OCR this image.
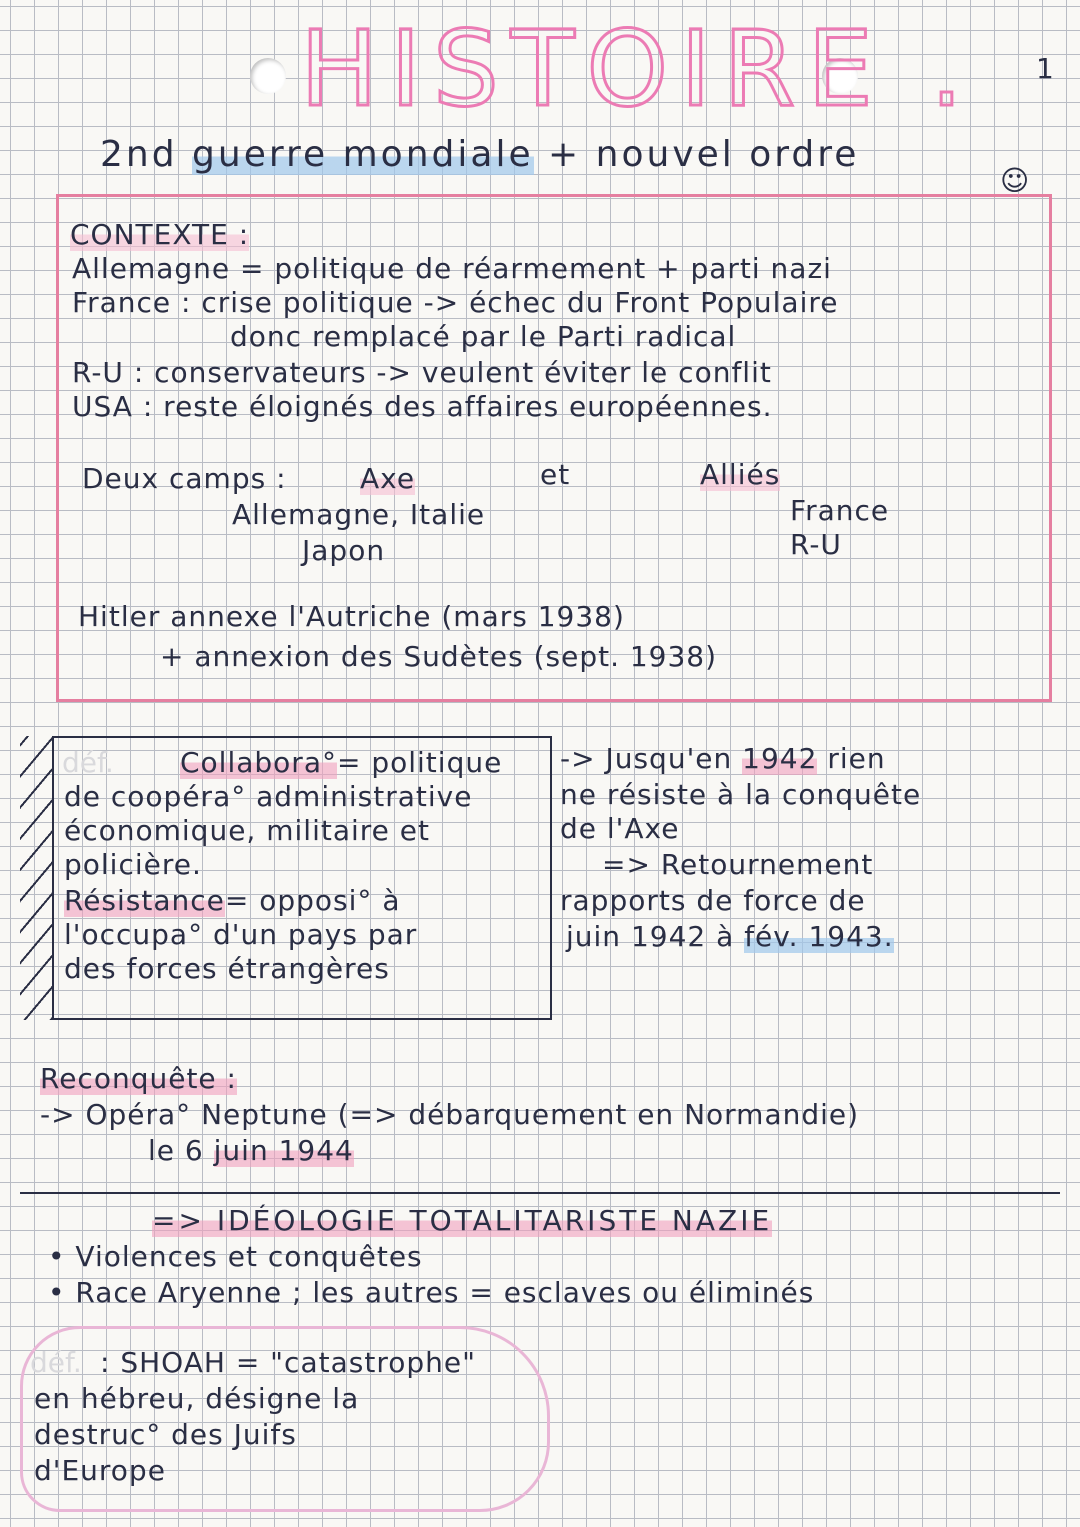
HISTOIRE . 1
2nd guerre mondiale + nouvel ordre
☺
CONTEXTE :
Allemagne = politique de réarmement + parti nazi
France : crise politique -> échec du Front Populaire
donc remplacé par le Parti radical
R-U : conservateurs -> veulent éviter le conflit
USA : reste éloignés des affaires européennes.
Deux camps :	Axe	et	Alliés
Allemagne, Italie
Japon
France
R-U
Hitler annexe l'Autriche (mars 1938)
+ annexion des Sudètes (sept. 1938)
déf. Collabora°= politique
de coopéra° administrative
économique, militaire et
policière.
Résistance= opposi° à
l'occupa° d'un pays par
des forces étrangères
-> Jusqu'en 1942 rien
ne résiste à la conquête
de l'Axe
=> Retournement
rapports de force de
juin 1942 à fév. 1943.
Reconquête :
-> Opéra° Neptune (=> débarquement en Normandie)
le 6 juin 1944
=> IDÉOLOGIE TOTALITARISTE NAZIE
• Violences et conquêtes
• Race Aryenne ; les autres = esclaves ou éliminés
déf. : SHOAH = "catastrophe"
en hébreu, désigne la
destruc° des Juifs
d'Europe
